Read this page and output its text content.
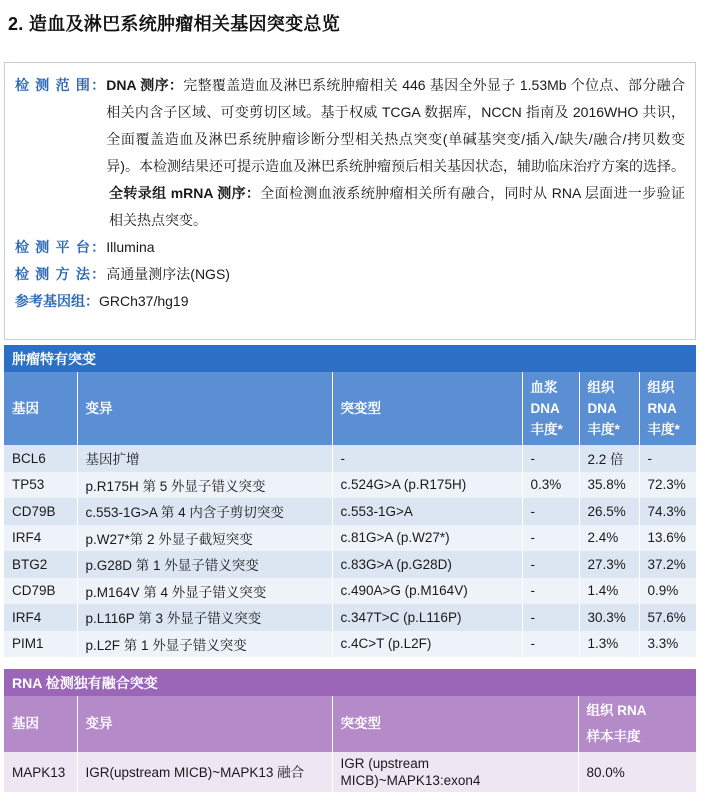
2. 造血及淋巴系统肿瘤相关基因突变总览
检 测 范 围： DNA 测序：完整覆盖造血及淋巴系统肿瘤相关 446 基因全外显子 1.53Mb 个位点、部分融合相关内含子区域、可变剪切区域。基于权威 TCGA 数据库，NCCN 指南及 2016WHO 共识，全面覆盖造血及淋巴系统肿瘤诊断分型相关热点突变(单碱基突变/插入/缺失/融合/拷贝数变异)。本检测结果还可提示造血及淋巴系统肿瘤预后相关基因状态，辅助临床治疗方案的选择。
全转录组 mRNA 测序：全面检测血液系统肿瘤相关所有融合，同时从 RNA 层面进一步验证相关热点突变。
检 测 平 台： Illumina
检 测 方 法： 高通量测序法(NGS)
参考基因组： GRCh37/hg19
肿瘤特有突变
基因	变异	突变型	血浆
DNA
丰度*	组织
DNA
丰度*	组织
RNA
丰度*
BCL6	基因扩增	-	-	2.2 倍	-
TP53	p.R175H 第 5 外显子错义突变	c.524G>A (p.R175H)	0.3%	35.8%	72.3%
CD79B	c.553-1G>A 第 4 内含子剪切突变	c.553-1G>A	-	26.5%	74.3%
IRF4	p.W27*第 2 外显子截短突变	c.81G>A (p.W27*)	-	2.4%	13.6%
BTG2	p.G28D 第 1 外显子错义突变	c.83G>A (p.G28D)	-	27.3%	37.2%
CD79B	p.M164V 第 4 外显子错义突变	c.490A>G (p.M164V)	-	1.4%	0.9%
IRF4	p.L116P 第 3 外显子错义突变	c.347T>C (p.L116P)	-	30.3%	57.6%
PIM1	p.L2F 第 1 外显子错义突变	c.4C>T (p.L2F)	-	1.3%	3.3%
RNA 检测独有融合突变
基因	变异	突变型	组织 RNA
样本丰度
MAPK13	IGR(upstream MICB)~MAPK13 融合	IGR (upstream
MICB)~MAPK13:exon4	80.0%
